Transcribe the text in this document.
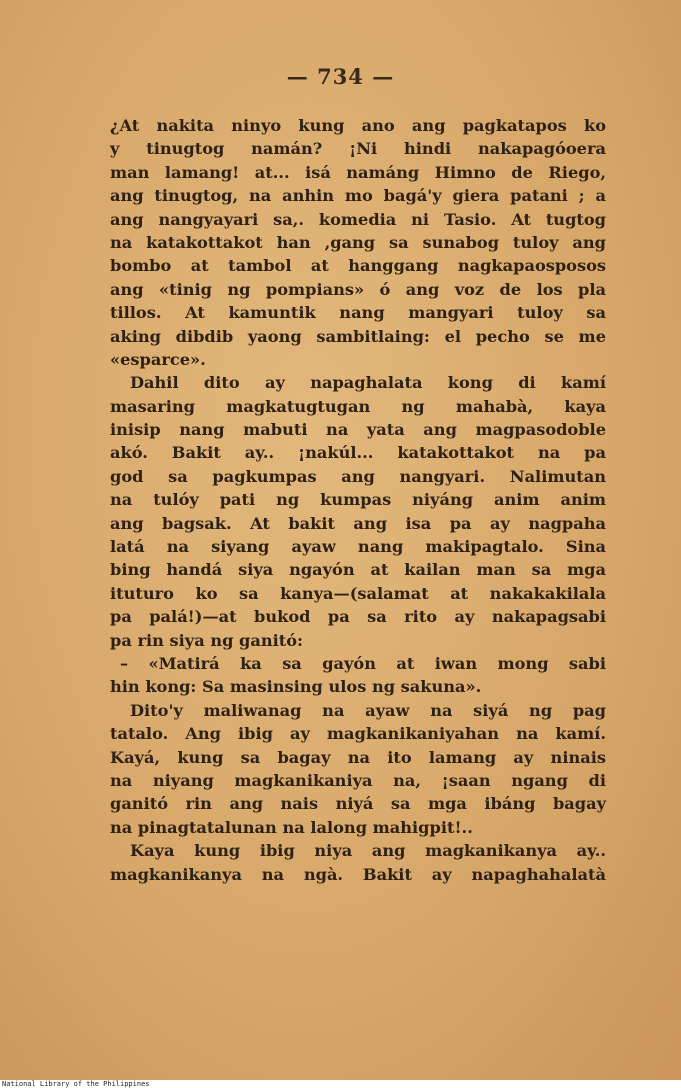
— 734 —
¿At nakita ninyo kung ano ang pagkatapos ko
y tinugtog namán? ¡Ni hindi nakapagóoera
man lamang! at... isá namáng Himno de Riego,
ang tinugtog, na anhin mo bagá'y giera patani ; a
ang nangyayari sa,. komedia ni Tasio. At tugtog
na katakottakot han ,gang sa sunabog tuloy ang
bombo at tambol at hanggang nagkapaosposos
ang «tinig ng pompians» ó ang voz de los pla
tillos. At kamuntik nang mangyari tuloy sa
aking dibdib yaong sambitlaing: el pecho se me
«esparce».
Dahil dito ay napaghalata kong di kamí
masaring magkatugtugan ng mahabà, kaya
inisip nang mabuti na yata ang magpasodoble
akó. Bakit ay.. ¡nakúl... katakottakot na pa
god sa pagkumpas ang nangyari. Nalimutan
na tulóy pati ng kumpas niyáng anim anim
ang bagsak. At bakit ang isa pa ay nagpaha
latá na siyang ayaw nang makipagtalo. Sina
bing handá siya ngayón at kailan man sa mga
ituturo ko sa kanya—(salamat at nakakakilala
pa palá!)—at bukod pa sa rito ay nakapagsabi
pa rin siya ng ganitó:
– «Matirá ka sa gayón at iwan mong sabi
hin kong: Sa masinsing ulos ng sakuna».
Dito'y maliwanag na ayaw na siyá ng pag
tatalo. Ang ibig ay magkanikaniyahan na kamí.
Kayá, kung sa bagay na ito lamang ay ninais
na niyang magkanikaniya na, ¡saan ngang di
ganitó rin ang nais niyá sa mga ibáng bagay
na pinagtatalunan na lalong mahigpit!..
Kaya kung ibig niya ang magkanikanya ay..
magkanikanya na ngà. Bakit ay napaghahalatà
National Library of the Philippines
